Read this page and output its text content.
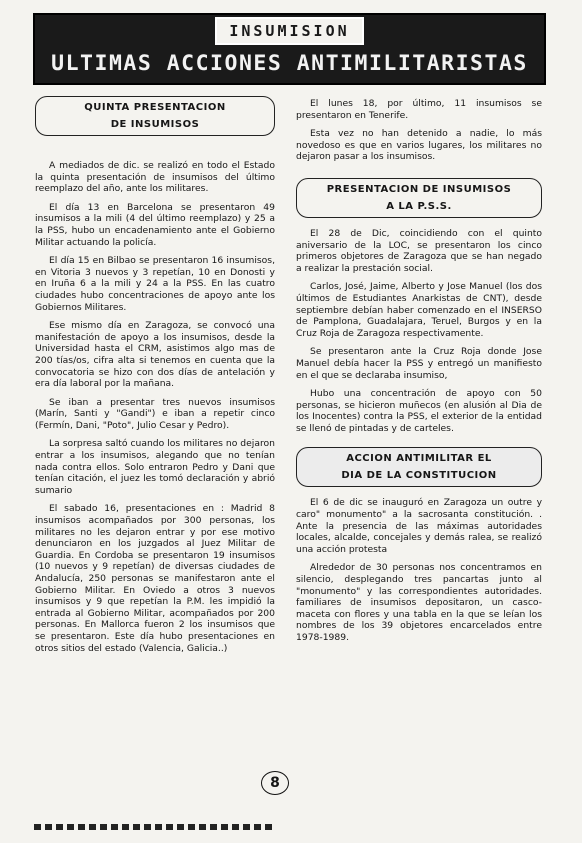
INSUMISION
ULTIMAS ACCIONES ANTIMILITARISTAS
QUINTA PRESENTACION
DE INSUMISOS

A mediados de dic. se realizó en todo el Estado la quinta presentación de insumisos del último reemplazo del año, ante los militares.

El día 13 en Barcelona se presentaron 49 insumisos a la mili (4 del último reemplazo) y 25 a la PSS, hubo un encadenamiento ante el Gobierno Militar actuando la policía.

El día 15 en Bilbao se presentaron 16 insumisos, en Vitoria 3 nuevos y 3 repetían, 10 en Donosti y en Iruña 6 a la mili y 24 a la PSS. En las cuatro ciudades hubo concentraciones de apoyo ante los Gobiernos Militares.

Ese mismo día en Zaragoza, se convocó una manifestación de apoyo a los insumisos, desde la Universidad hasta el CRM, asistimos algo mas de 200 tías/os, cifra alta si tenemos en cuenta que la convocatoria se hizo con dos días de antelación y era día laboral por la mañana.

Se iban a presentar tres nuevos insumisos (Marín, Santi y "Gandi") e iban a repetir cinco (Fermín, Dani, "Poto", Julio Cesar y Pedro).

La sorpresa saltó cuando los militares no dejaron entrar a los insumisos, alegando que no tenían nada contra ellos. Solo entraron Pedro y Dani que tenían citación, el juez les tomó declaración y abrió sumario

El sabado 16, presentaciones en : Madrid 8 insumisos acompañados por 300 personas, los militares no les dejaron entrar y por ese motivo denunciaron en los juzgados al Juez Militar de Guardia. En Cordoba se presentaron 19 insumisos (10 nuevos y 9 repetían) de diversas ciudades de Andalucía, 250 personas se manifestaron ante el Gobierno Militar. En Oviedo a otros 3 nuevos insumisos y 9 que repetían la P.M. les impidió la entrada al Gobierno Militar, acompañados por 200 personas. En Mallorca fueron 2 los insumisos que se presentaron. Este día hubo presentaciones en otros sitios del estado (Valencia, Galicia..)

El lunes 18, por último, 11 insumisos se presentaron en Tenerife.

Esta vez no han detenido a nadie, lo más novedoso es que en varios lugares, los militares no dejaron pasar a los insumisos.

PRESENTACION DE INSUMISOS
A LA P.S.S.

El 28 de Dic, coincidiendo con el quinto aniversario de la LOC, se presentaron los cinco primeros objetores de Zaragoza que se han negado a realizar la prestación social.

Carlos, José, Jaime, Alberto y Jose Manuel (los dos últimos de Estudiantes Anarkistas de CNT), desde septiembre debían haber comenzado en el INSERSO de Pamplona, Guadalajara, Teruel, Burgos y en la Cruz Roja de Zaragoza respectivamente.

Se presentaron ante la Cruz Roja donde Jose Manuel debía hacer la PSS y entregó un manifiesto en el que se declaraba insumiso,

Hubo una concentración de apoyo con 50 personas, se hicieron muñecos (en alusión al Dia de los Inocentes) contra la PSS, el exterior de la entidad se llenó de pintadas y de carteles.

ACCION ANTIMILITAR EL
DIA DE LA CONSTITUCION

El 6 de dic se inauguró en Zaragoza un outre y caro" monumento" a la sacrosanta constitución. . Ante la presencia de las máximas autoridades locales, alcalde, concejales y demás ralea, se realizó una acción protesta

Alrededor de 30 personas nos concentramos en silencio, desplegando tres pancartas junto al "monumento" y las correspondientes autoridades. familiares de insumisos depositaron, un casco-maceta con flores y una tabla en la que se leían los nombres de los 39 objetores encarcelados entre 1978-1989.

8
